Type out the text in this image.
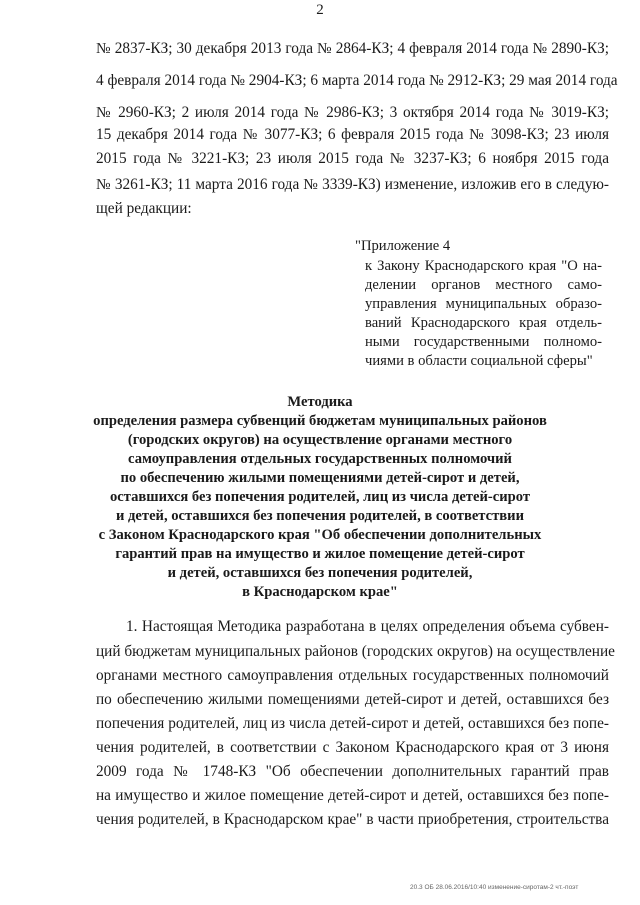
2
№ 2837-КЗ; 30 декабря 2013 года № 2864-КЗ; 4 февраля 2014 года № 2890-КЗ;
4 февраля 2014 года № 2904-КЗ; 6 марта 2014 года № 2912-КЗ; 29 мая 2014 года
№ 2960-КЗ; 2 июля 2014 года № 2986-КЗ; 3 октября 2014 года № 3019-КЗ;
15 декабря 2014 года № 3077-КЗ; 6 февраля 2015 года № 3098-КЗ; 23 июля
2015 года № 3221-КЗ; 23 июля 2015 года № 3237-КЗ; 6 ноября 2015 года
№ 3261-КЗ; 11 марта 2016 года № 3339-КЗ) изменение, изложив его в следую-
щей редакции:
"Приложение 4
к Закону Краснодарского края "О на-
делении органов местного само-
управления муниципальных образо-
ваний Краснодарского края отдель-
ными государственными полномо-
чиями в области социальной сферы"
Методика
определения размера субвенций бюджетам муниципальных районов
(городских округов) на осуществление органами местного
самоуправления отдельных государственных полномочий
по обеспечению жилыми помещениями детей-сирот и детей,
оставшихся без попечения родителей, лиц из числа детей-сирот
и детей, оставшихся без попечения родителей, в соответствии
с Законом Краснодарского края "Об обеспечении дополнительных
гарантий прав на имущество и жилое помещение детей-сирот
и детей, оставшихся без попечения родителей,
в Краснодарском крае"
1. Настоящая Методика разработана в целях определения объема субвен-
ций бюджетам муниципальных районов (городских округов) на осуществление
органами местного самоуправления отдельных государственных полномочий
по обеспечению жилыми помещениями детей-сирот и детей, оставшихся без
попечения родителей, лиц из числа детей-сирот и детей, оставшихся без попе-
чения родителей, в соответствии с Законом Краснодарского края от 3 июня
2009 года № 1748-КЗ "Об обеспечении дополнительных гарантий прав
на имущество и жилое помещение детей-сирот и детей, оставшихся без попе-
чения родителей, в Краснодарском крае" в части приобретения, строительства
20.3 ОБ 28.06.2016/10:40 изменение-сиротам-2 чт.-поэт
